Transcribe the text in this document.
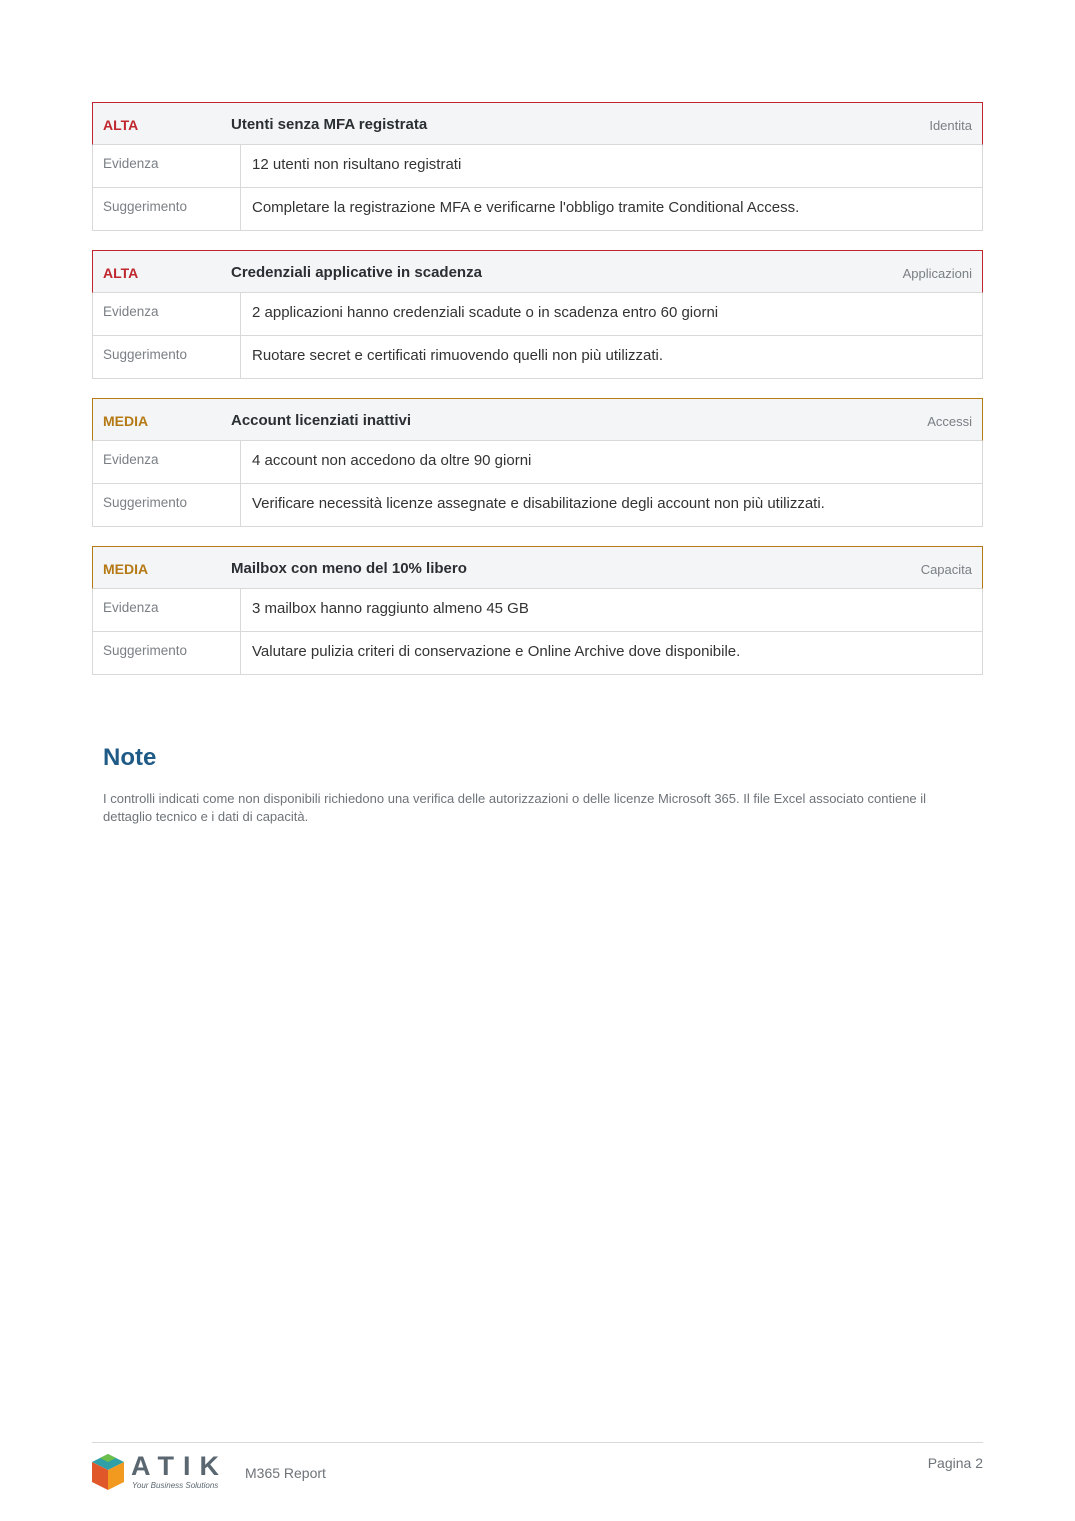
ALTA	Utenti senza MFA registrata	Identita
Evidenza	12 utenti non risultano registrati
Suggerimento	Completare la registrazione MFA e verificarne l'obbligo tramite Conditional Access.
ALTA	Credenziali applicative in scadenza	Applicazioni
Evidenza	2 applicazioni hanno credenziali scadute o in scadenza entro 60 giorni
Suggerimento	Ruotare secret e certificati rimuovendo quelli non più utilizzati.
MEDIA	Account licenziati inattivi	Accessi
Evidenza	4 account non accedono da oltre 90 giorni
Suggerimento	Verificare necessità licenze assegnate e disabilitazione degli account non più utilizzati.
MEDIA	Mailbox con meno del 10% libero	Capacita
Evidenza	3 mailbox hanno raggiunto almeno 45 GB
Suggerimento	Valutare pulizia criteri di conservazione e Online Archive dove disponibile.
Note

I controlli indicati come non disponibili richiedono una verifica delle autorizzazioni o delle licenze Microsoft 365. Il file Excel associato contiene il dettaglio tecnico e i dati di capacità.

ATIK
Your Business Solutions
M365 Report
Pagina 2
